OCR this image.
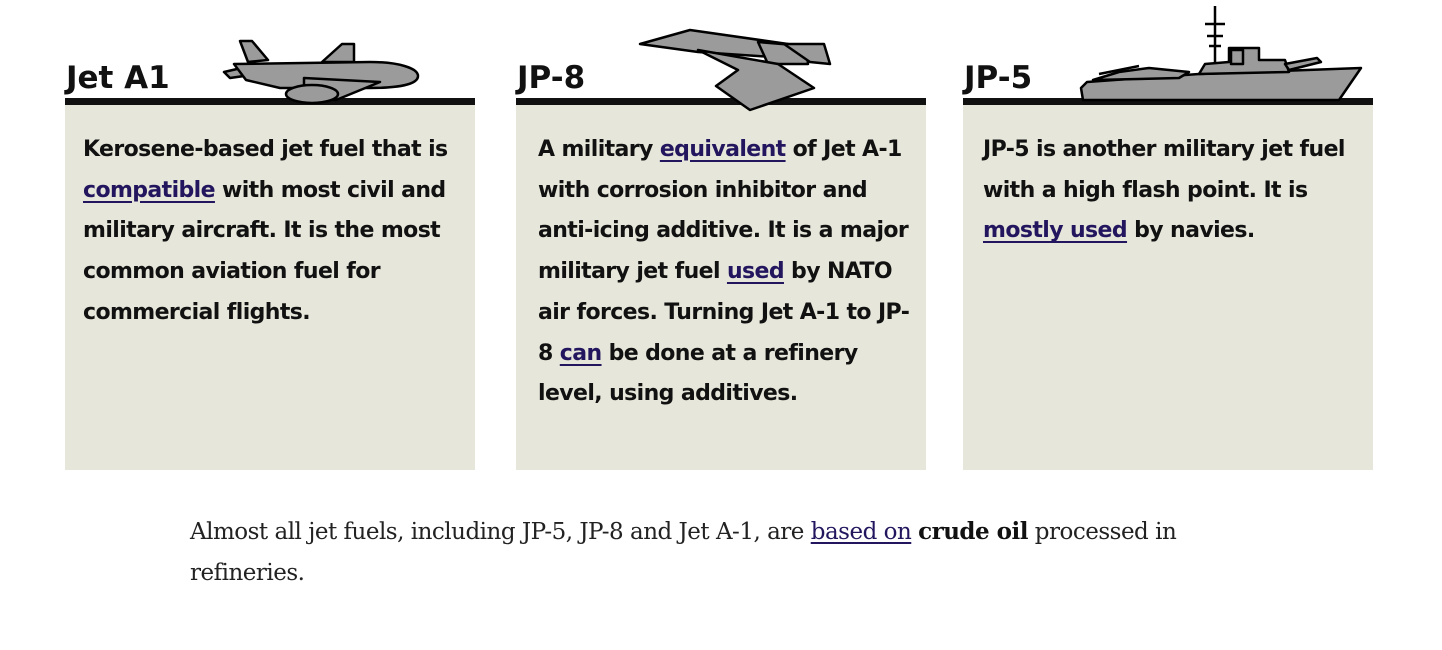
Jet A1
Kerosene-based jet fuel that is compatible with most civil and military aircraft. It is the most common aviation fuel for commercial flights.
JP-8
A military equivalent of Jet A-1 with corrosion inhibitor and anti-icing additive. It is a major military jet fuel used by NATO air forces. Turning Jet A-1 to JP-8 can be done at a refinery level, using additives.
JP-5
JP-5 is another military jet fuel with a high flash point. It is mostly used by navies.

Almost all jet fuels, including JP-5, JP-8 and Jet A-1, are based on crude oil processed in refineries.
